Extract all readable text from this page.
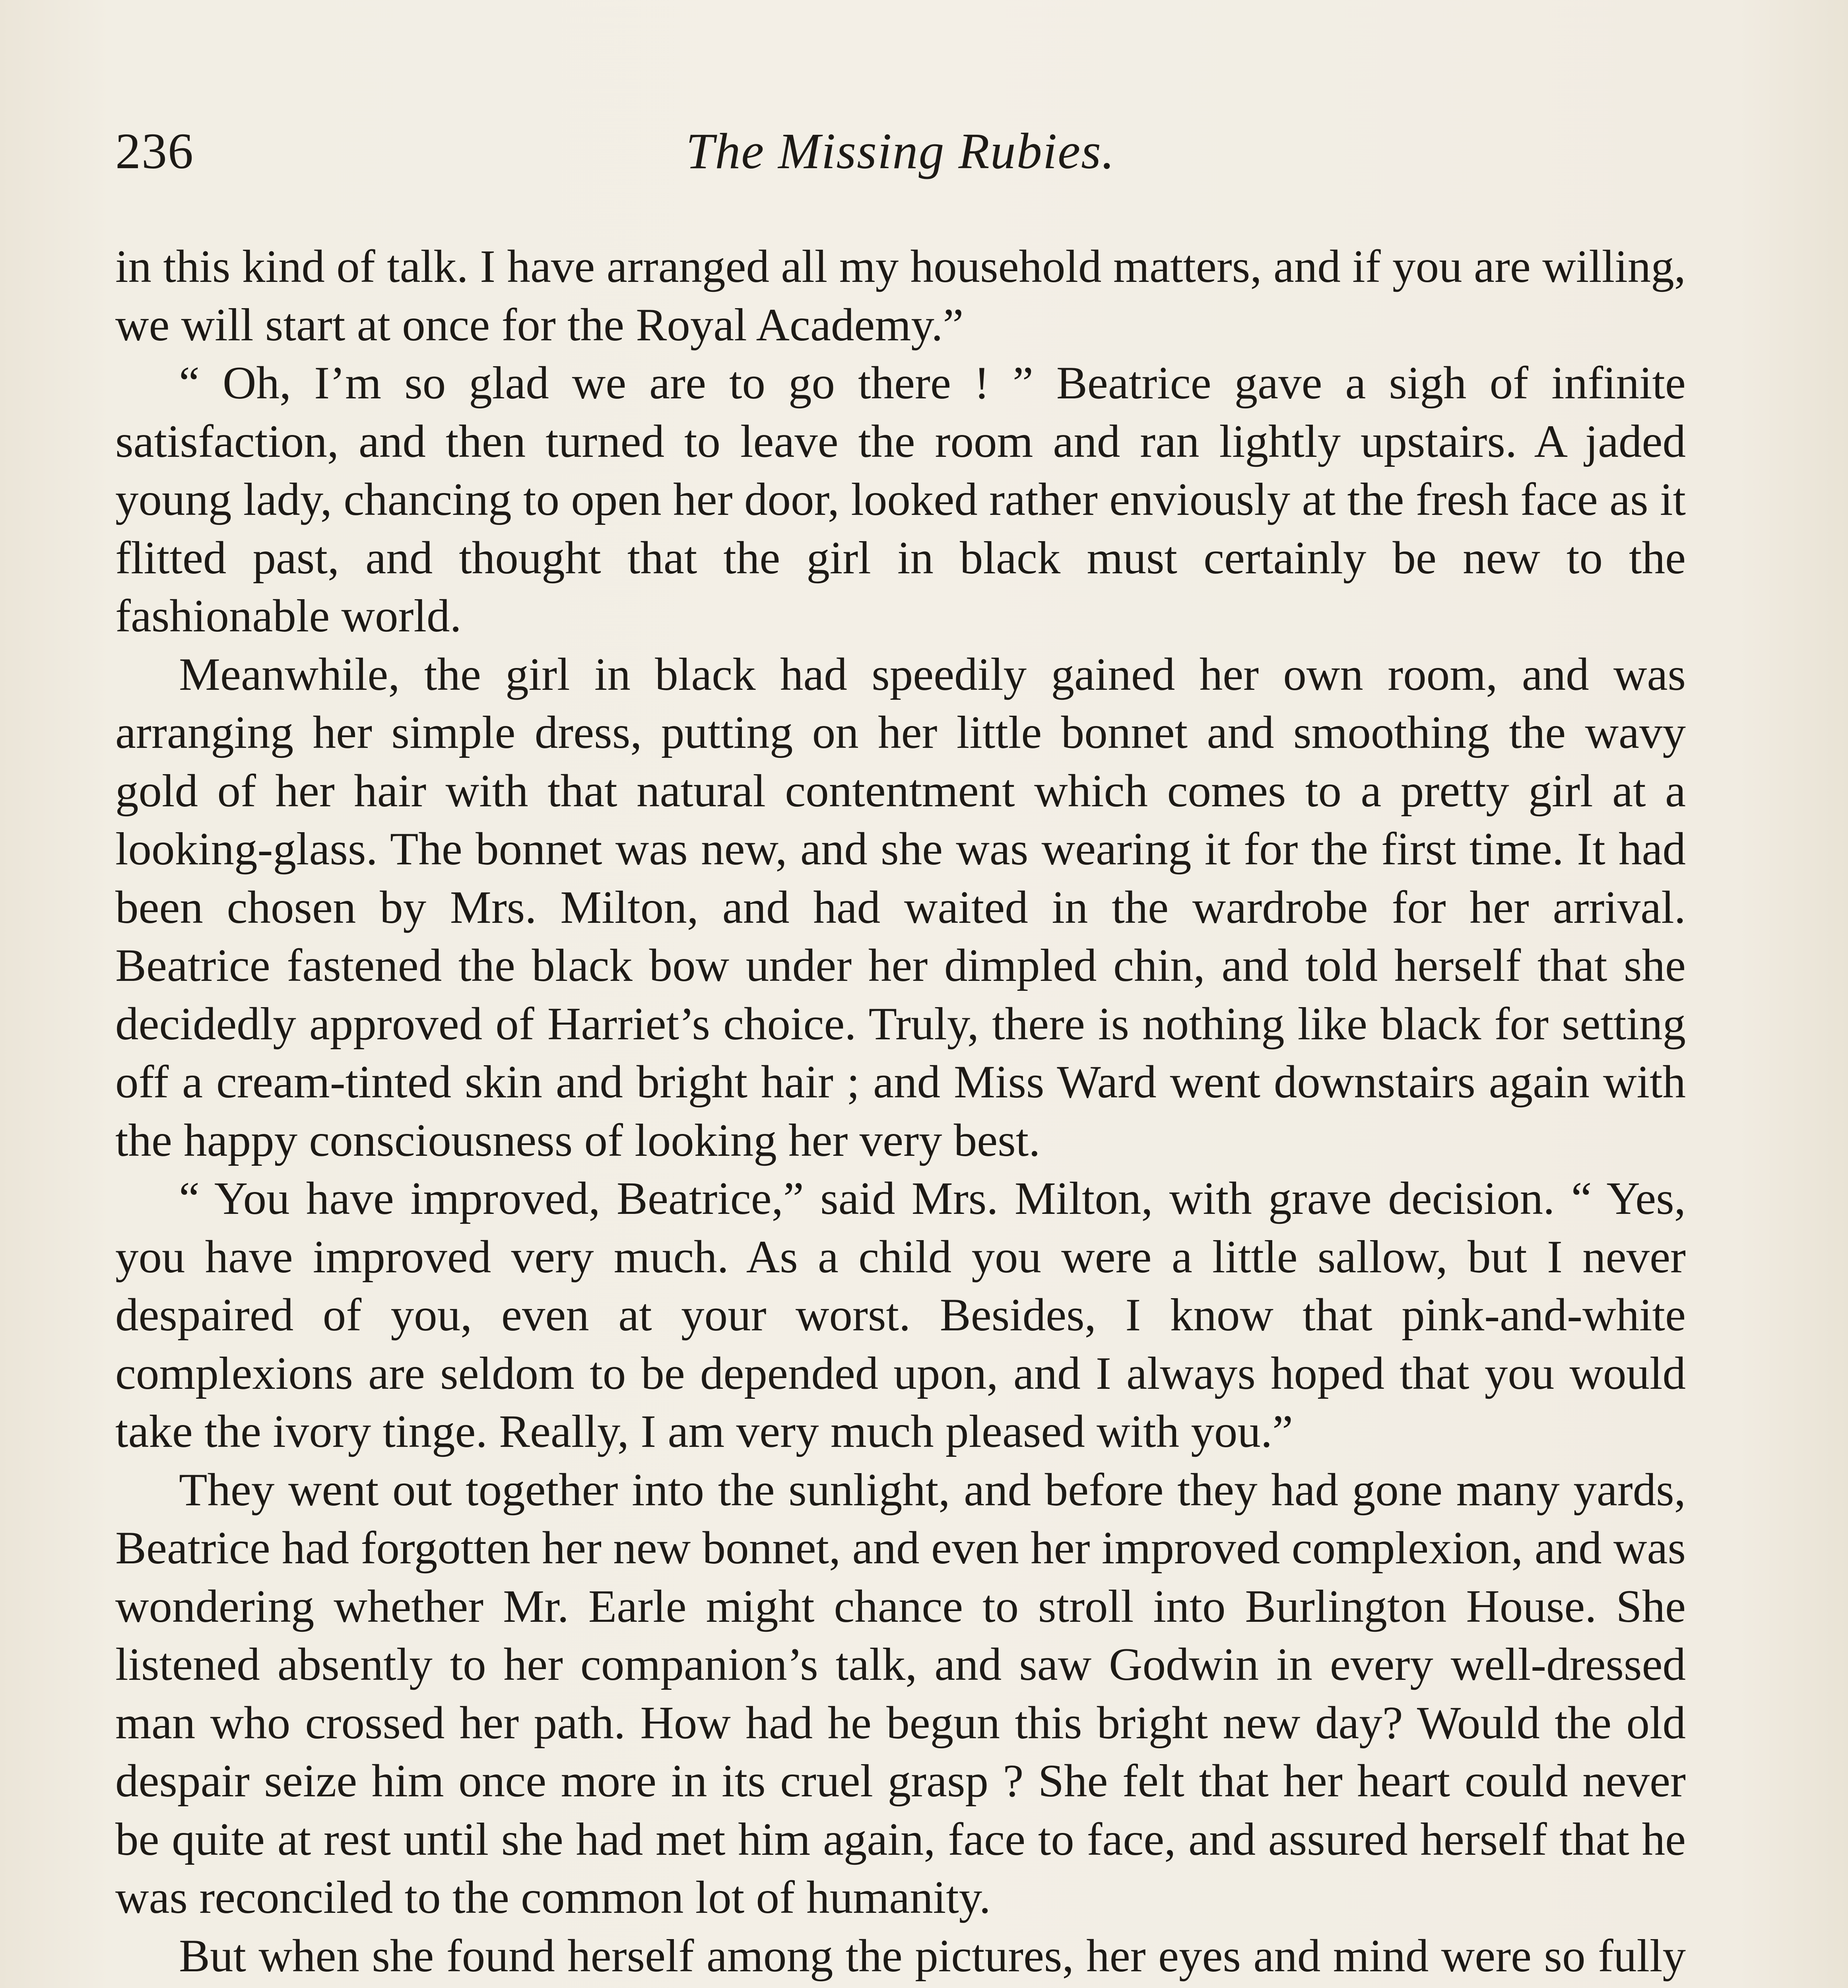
236	The Missing Rubies.

in this kind of talk. I have arranged all my household matters, and if you are willing, we will start at once for the Royal Academy.”

“ Oh, I’m so glad we are to go there ! ” Beatrice gave a sigh of infinite satisfaction, and then turned to leave the room and ran lightly upstairs. A jaded young lady, chancing to open her door, looked rather enviously at the fresh face as it flitted past, and thought that the girl in black must certainly be new to the fashionable world.

Meanwhile, the girl in black had speedily gained her own room, and was arranging her simple dress, putting on her little bonnet and smoothing the wavy gold of her hair with that natural contentment which comes to a pretty girl at a looking-glass. The bonnet was new, and she was wearing it for the first time. It had been chosen by Mrs. Milton, and had waited in the wardrobe for her arrival. Beatrice fastened the black bow under her dimpled chin, and told herself that she decidedly approved of Harriet’s choice. Truly, there is nothing like black for setting off a cream-tinted skin and bright hair ; and Miss Ward went downstairs again with the happy consciousness of looking her very best.

“ You have improved, Beatrice,” said Mrs. Milton, with grave decision. “ Yes, you have improved very much. As a child you were a little sallow, but I never despaired of you, even at your worst. Besides, I know that pink-and-white complexions are seldom to be depended upon, and I always hoped that you would take the ivory tinge. Really, I am very much pleased with you.”

They went out together into the sunlight, and before they had gone many yards, Beatrice had forgotten her new bonnet, and even her improved complexion, and was wondering whether Mr. Earle might chance to stroll into Burlington House. She listened absently to her companion’s talk, and saw Godwin in every well-dressed man who crossed her path. How had he begun this bright new day? Would the old despair seize him once more in its cruel grasp ? She felt that her heart could never be quite at rest until she had met him again, face to face, and assured herself that he was reconciled to the common lot of humanity.

But when she found herself among the pictures, her eyes and mind were so fully
